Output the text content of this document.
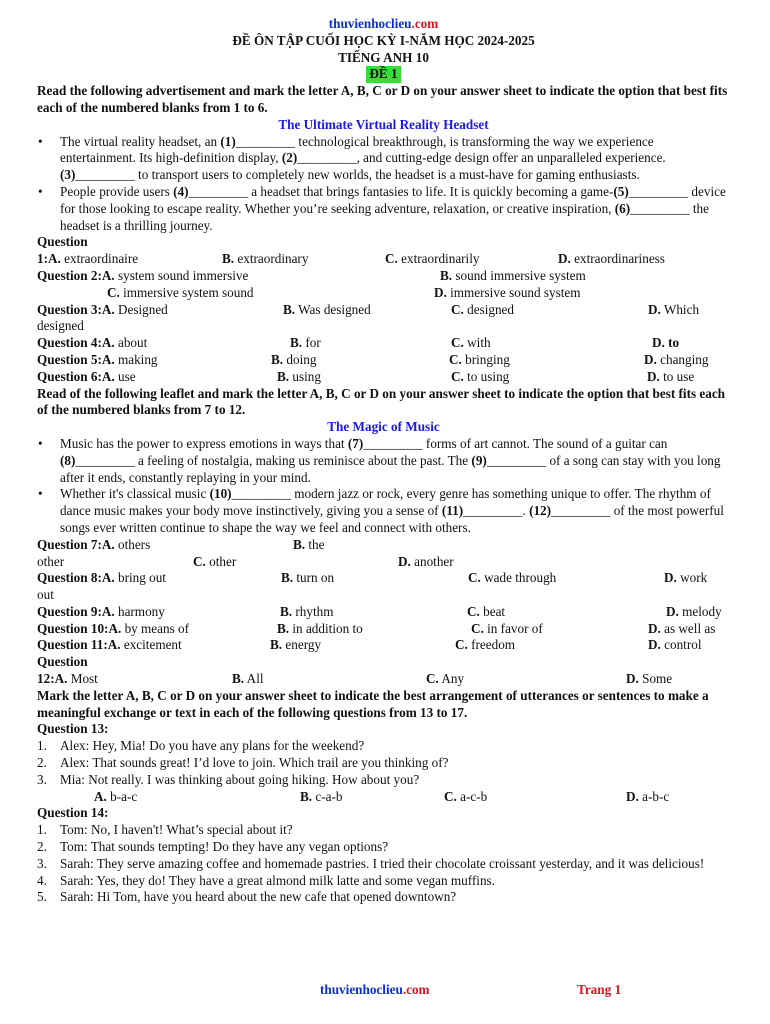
thuvienhoclieu.com
ĐỀ ÔN TẬP CUỐI HỌC KỲ I-NĂM HỌC 2024-2025
TIẾNG ANH 10
ĐỀ 1
Read the following advertisement and mark the letter A, B, C or D on your answer sheet to indicate the option that best fits each of the numbered blanks from 1 to 6.
The Ultimate Virtual Reality Headset
• The virtual reality headset, an (1)_________ technological breakthrough, is transforming the way we experience entertainment. Its high-definition display, (2)_________, and cutting-edge design offer an unparalleled experience. (3)_________ to transport users to completely new worlds, the headset is a must-have for gaming enthusiasts.
• People provide users (4)_________ a headset that brings fantasies to life. It is quickly becoming a game-(5)_________ device for those looking to escape reality. Whether you’re seeking adventure, relaxation, or creative inspiration, (6)_________ the headset is a thrilling journey.
Question
1:A. extraordinaire	B. extraordinary	C. extraordinarily	D. extraordinariness
Question 2:A. system sound immersive	B. sound immersive system
C. immersive system sound	D. immersive sound system
Question 3:A. Designed	B. Was designed	C. designed	D. Which
designed
Question 4:A. about	B. for	C. with	D. to
Question 5:A. making	B. doing	C. bringing	D. changing
Question 6:A. use	B. using	C. to using	D. to use
Read of the following leaflet and mark the letter A, B, C or D on your answer sheet to indicate the option that best fits each of the numbered blanks from 7 to 12.
The Magic of Music
• Music has the power to express emotions in ways that (7)_________ forms of art cannot. The sound of a guitar can (8)_________ a feeling of nostalgia, making us reminisce about the past. The (9)_________ of a song can stay with you long after it ends, constantly replaying in your mind.
• Whether it's classical music (10)_________ modern jazz or rock, every genre has something unique to offer. The rhythm of dance music makes your body move instinctively, giving you a sense of (11)_________. (12)_________ of the most powerful songs ever written continue to shape the way we feel and connect with others.
Question 7:A. others	B. the
other	C. other	D. another
Question 8:A. bring out	B. turn on	C. wade through	D. work
out
Question 9:A. harmony	B. rhythm	C. beat	D. melody
Question 10:A. by means of	B. in addition to	C. in favor of	D. as well as
Question 11:A. excitement	B. energy	C. freedom	D. control
Question
12:A. Most	B. All	C. Any	D. Some
Mark the letter A, B, C or D on your answer sheet to indicate the best arrangement of utterances or sentences to make a meaningful exchange or text in each of the following questions from 13 to 17.
Question 13:
1. Alex: Hey, Mia! Do you have any plans for the weekend?
2. Alex: That sounds great! I’d love to join. Which trail are you thinking of?
3. Mia: Not really. I was thinking about going hiking. How about you?
A. b-a-c	B. c-a-b	C. a-c-b	D. a-b-c
Question 14:
1. Tom: No, I haven't! What’s special about it?
2. Tom: That sounds tempting! Do they have any vegan options?
3. Sarah: They serve amazing coffee and homemade pastries. I tried their chocolate croissant yesterday, and it was delicious!
4. Sarah: Yes, they do! They have a great almond milk latte and some vegan muffins.
5. Sarah: Hi Tom, have you heard about the new cafe that opened downtown?
thuvienhoclieu.com	Trang 1
